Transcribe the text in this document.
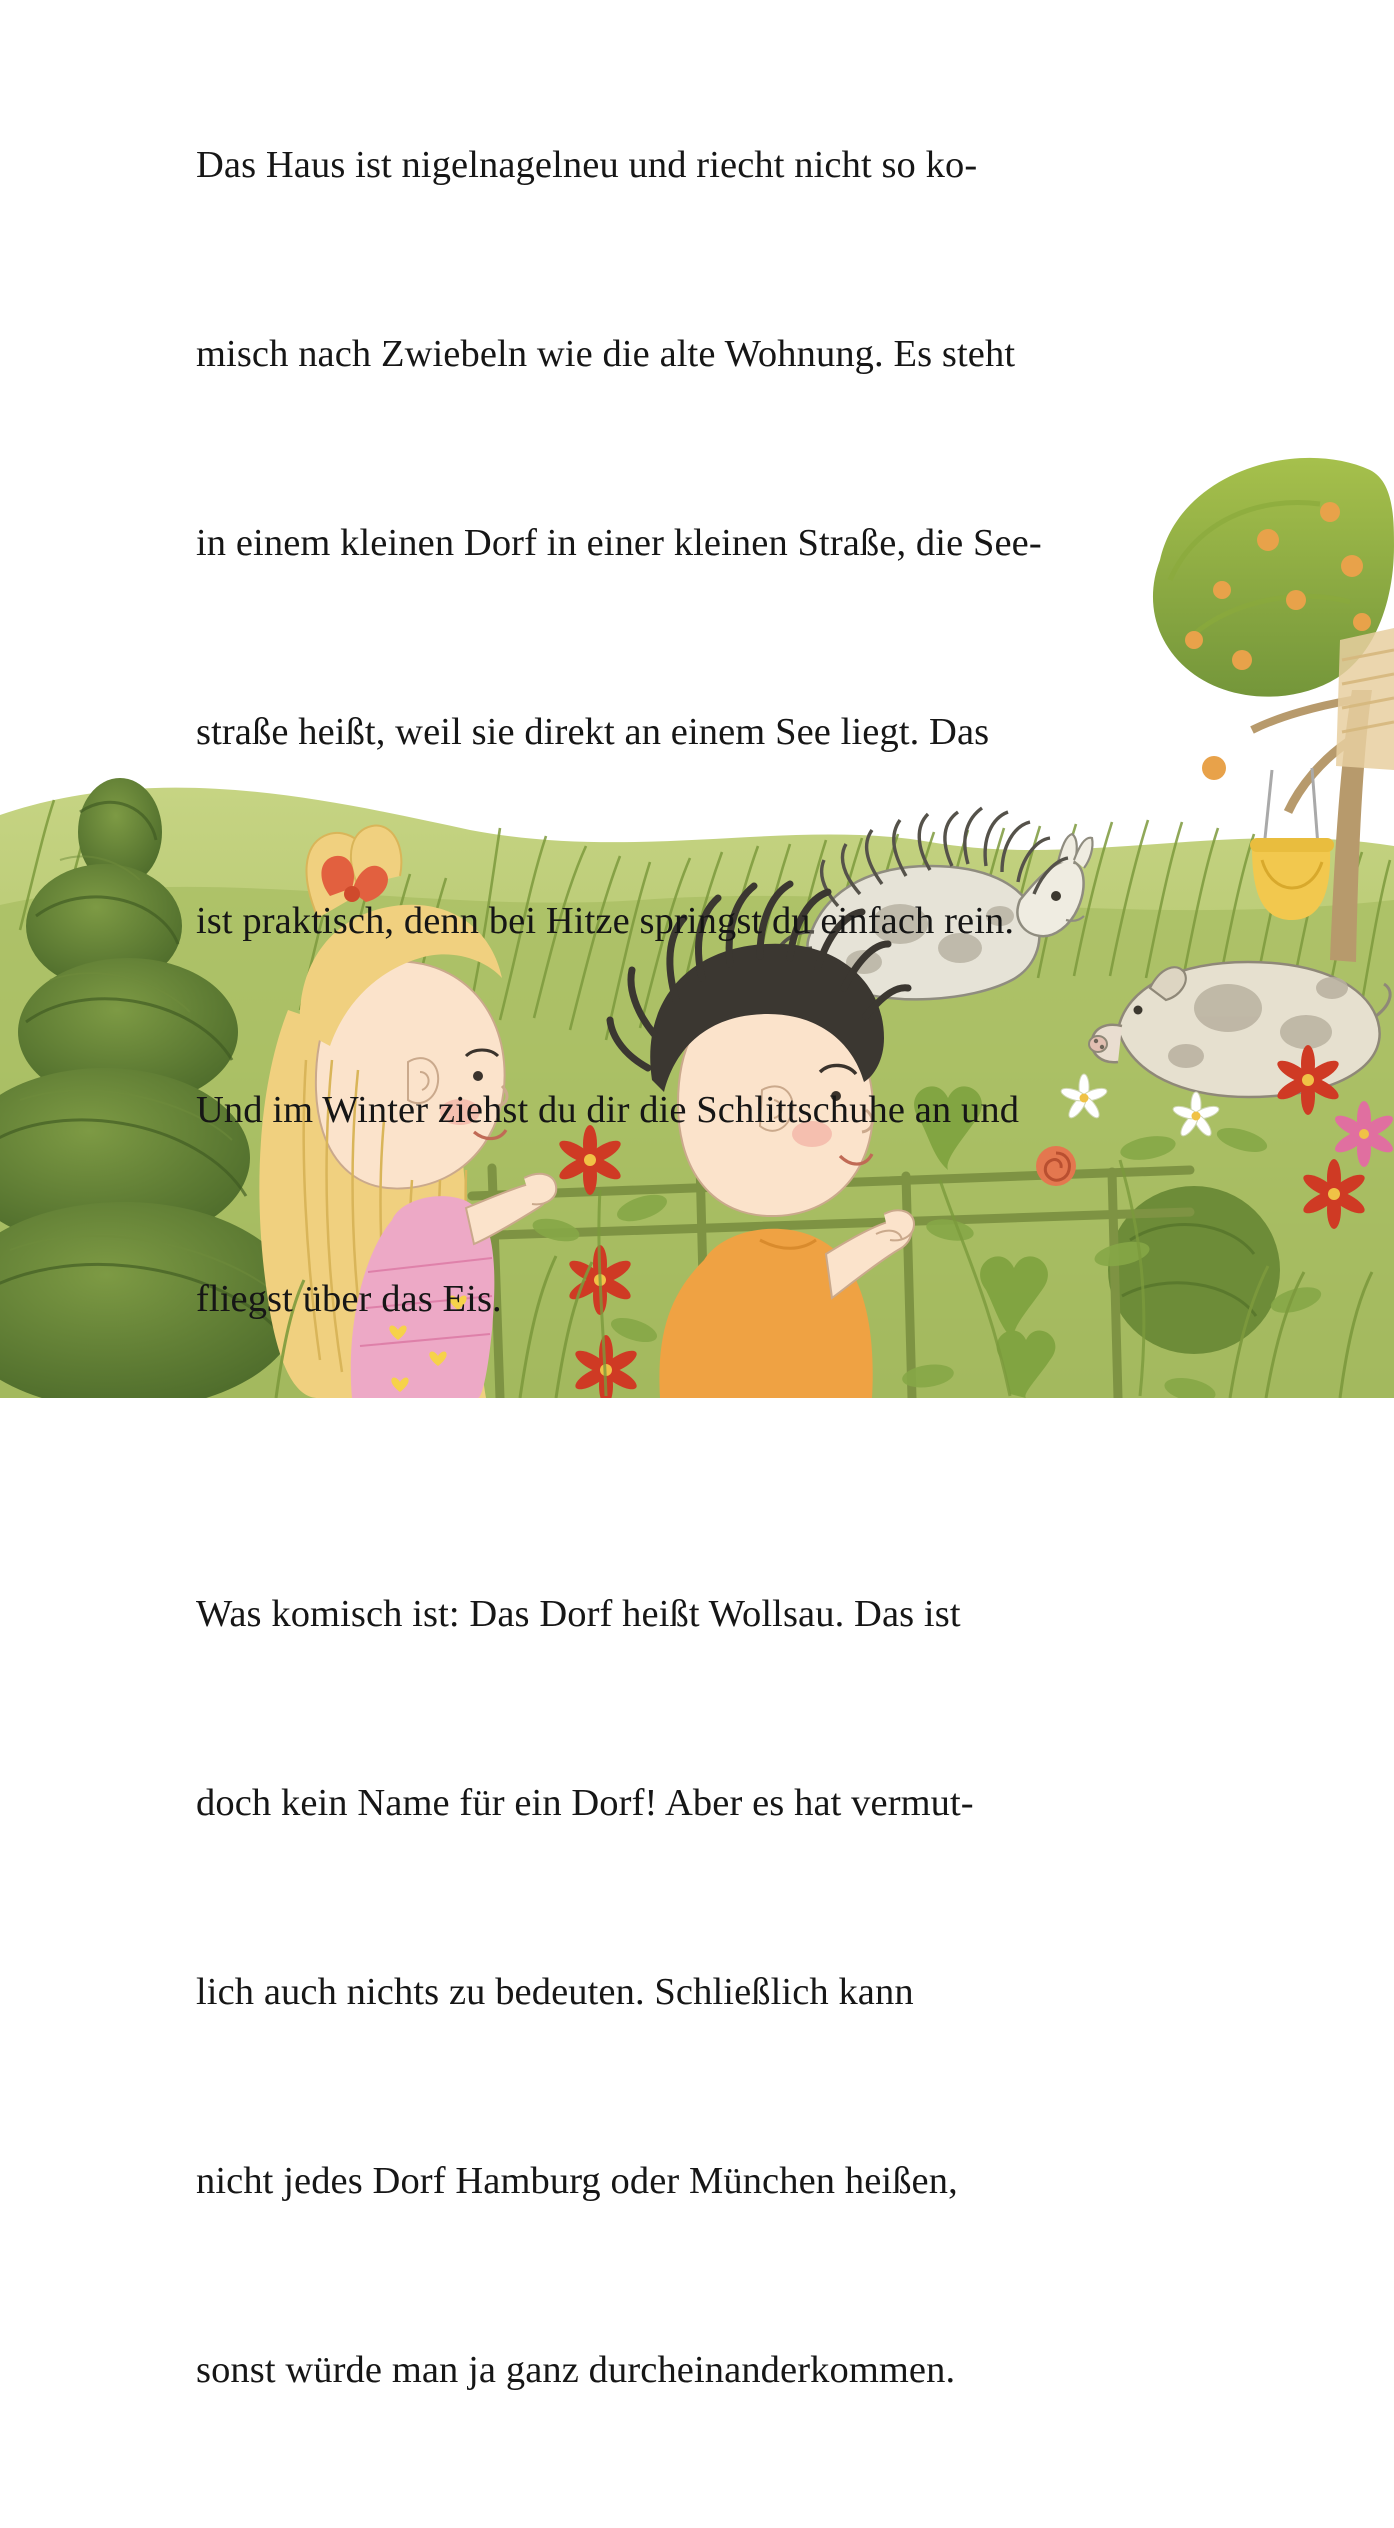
Das Haus ist nigelnagelneu und riecht nicht so ko-

misch nach Zwiebeln wie die alte Wohnung. Es steht

in einem kleinen Dorf in einer kleinen Straße, die See-

straße heißt, weil sie direkt an einem See liegt. Das

ist praktisch, denn bei Hitze springst du einfach rein.

Und im Winter ziehst du dir die Schlittschuhe an und

fliegst über das Eis.

Was komisch ist: Das Dorf heißt Wollsau. Das ist

doch kein Name für ein Dorf! Aber es hat vermut-

lich auch nichts zu bedeuten. Schließlich kann

nicht jedes Dorf Hamburg oder München heißen,

sonst würde man ja ganz durcheinanderkommen.
